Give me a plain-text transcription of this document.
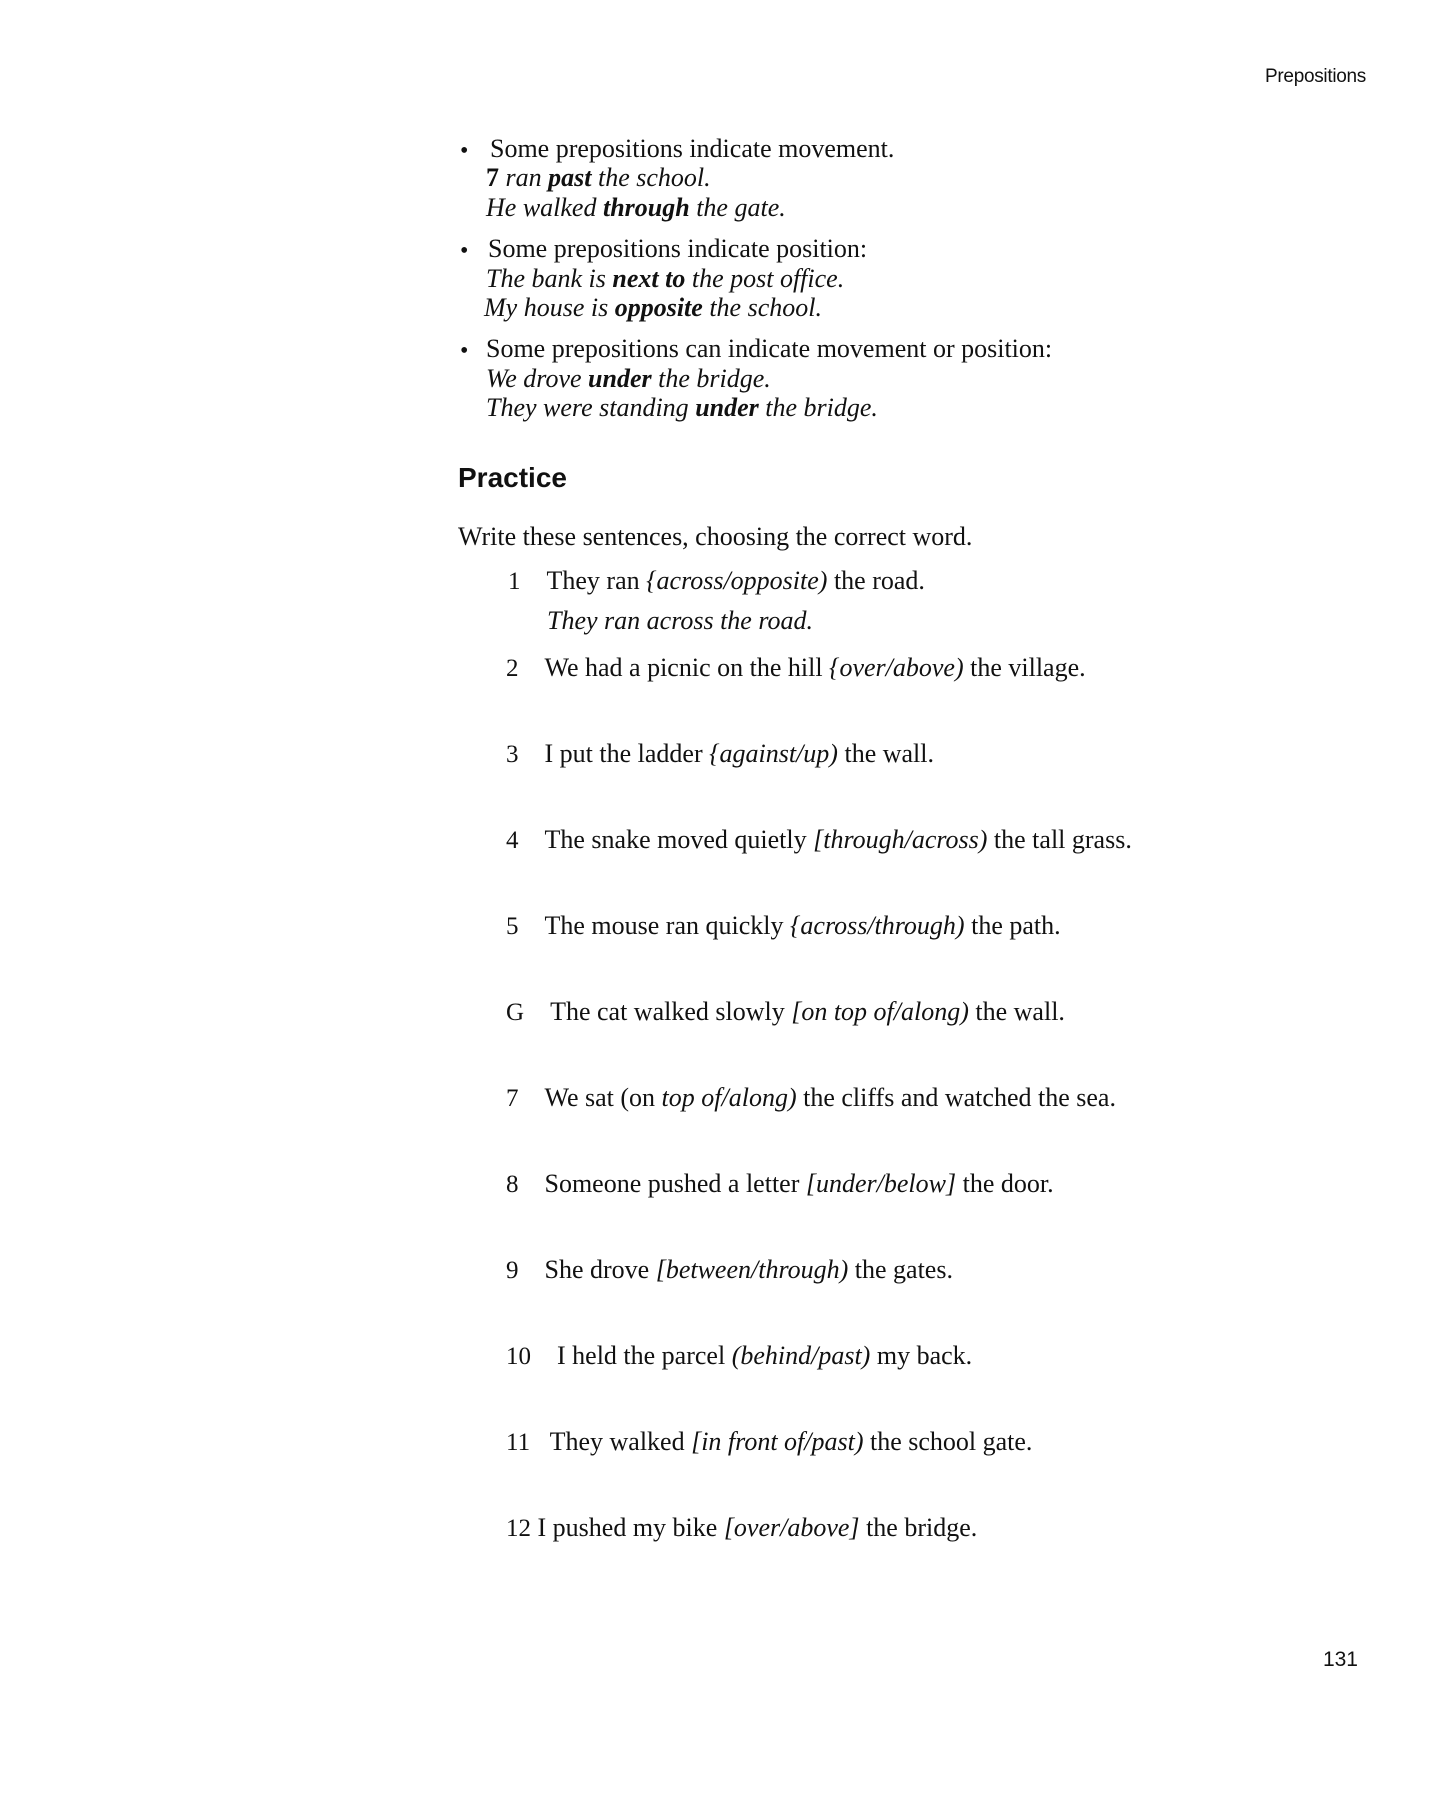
Prepositions
• Some prepositions indicate movement.
7 ran past the school.
He walked through the gate.
• Some prepositions indicate position:
The bank is next to the post office.
My house is opposite the school.
• Some prepositions can indicate movement or position:
We drove under the bridge.
They were standing under the bridge.
Practice
Write these sentences, choosing the correct word.
1 They ran {across/opposite) the road.
They ran across the road.
2 We had a picnic on the hill {over/above) the village.
3 I put the ladder {against/up) the wall.
4 The snake moved quietly [through/across) the tall grass.
5 The mouse ran quickly {across/through) the path.
G The cat walked slowly [on top of/along) the wall.
7 We sat (on top of/along) the cliffs and watched the sea.
8 Someone pushed a letter [under/below] the door.
9 She drove [between/through) the gates.
10 I held the parcel (behind/past) my back.
11 They walked [in front of/past) the school gate.
12 I pushed my bike [over/above] the bridge.
131
